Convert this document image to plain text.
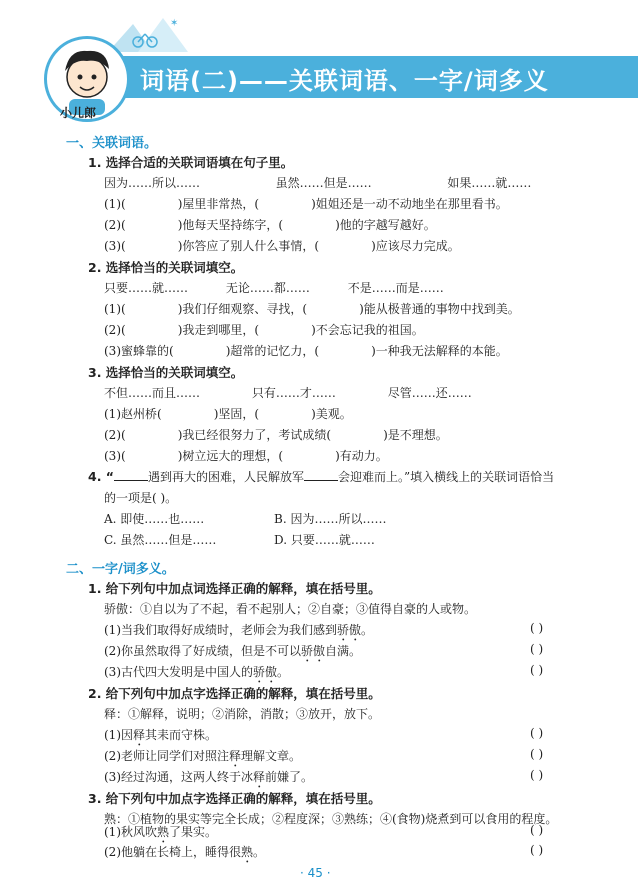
✶
词语(二)——关联词语、一字/词多义
小儿郎
一、关联词语。
1. 选择合适的关联词语填在句子里。
因为……所以……	虽然……但是……	如果……就……
(1)(	)屋里非常热，(	)姐姐还是一动不动地坐在那里看书。
(2)(	)他每天坚持练字，(	)他的字越写越好。
(3)(	)你答应了别人什么事情，(	)应该尽力完成。
2. 选择恰当的关联词填空。
只要……就……	无论……都……	不是……而是……
(1)(	)我们仔细观察、寻找，(	)能从极普通的事物中找到美。
(2)(	)我走到哪里，(	)不会忘记我的祖国。
(3)蜜蜂靠的(	)超常的记忆力，(	)一种我无法解释的本能。
3. 选择恰当的关联词填空。
不但……而且……	只有……才……	尽管……还……
(1)赵州桥(	)坚固，(	)美观。
(2)(	)我已经很努力了，考试成绩(	)是不理想。
(3)(	)树立远大的理想，(	)有动力。
4. “	遇到再大的困难，人民解放军	会迎难而上。”填入横线上的关联词语恰当
的一项是( )。
A. 即使……也……	B. 因为……所以……
C. 虽然……但是……	D. 只要……就……
二、一字/词多义。
1. 给下列句中加点词选择正确的解释，填在括号里。
骄傲：①自以为了不起，看不起别人；②自豪；③值得自豪的人或物。
(1)当我们取得好成绩时，老师会为我们感到骄傲。	( )
(2)你虽然取得了好成绩，但是不可以骄傲自满。	( )
(3)古代四大发明是中国人的骄傲。	( )
2. 给下列句中加点字选择正确的解释，填在括号里。
释：①解释，说明；②消除，消散；③放开，放下。
(1)因释其耒而守株。	( )
(2)老师让同学们对照注释理解文章。	( )
(3)经过沟通，这两人终于冰释前嫌了。	( )
3. 给下列句中加点字选择正确的解释，填在括号里。
熟：①植物的果实等完全长成；②程度深；③熟练；④(食物)烧煮到可以食用的程度。
· 45 ·
(1)秋风吹熟了果实。	( )
(2)他躺在长椅上，睡得很熟。	( )
